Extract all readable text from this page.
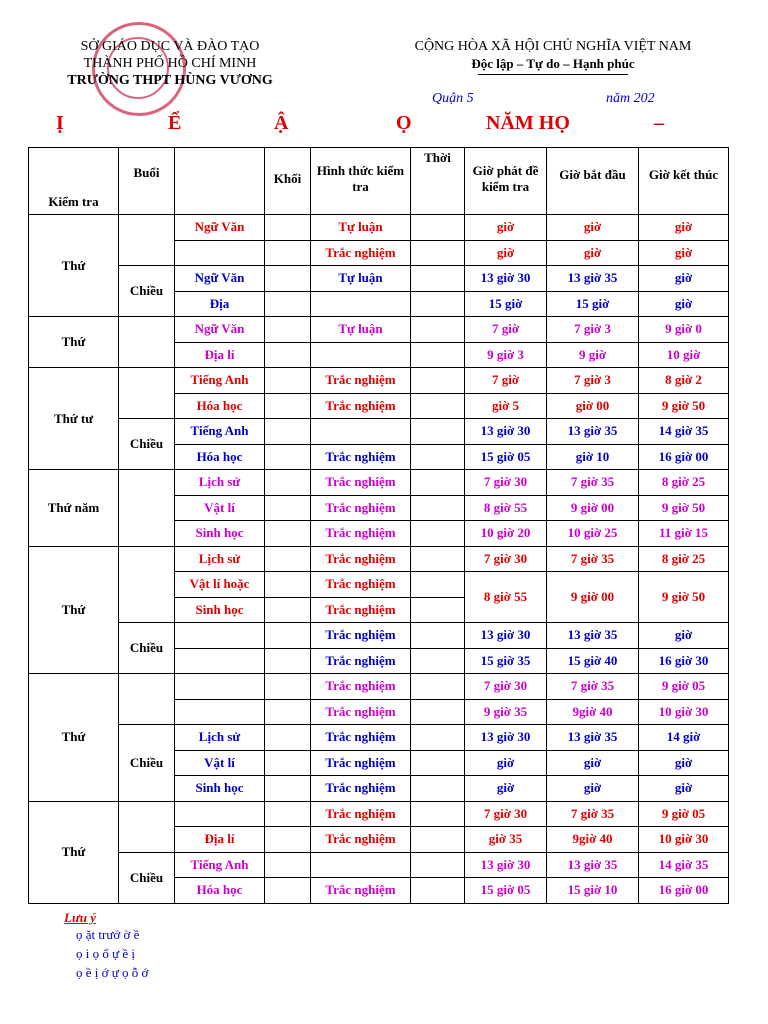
SỞ GIÁO DỤC VÀ ĐÀO TẠO
THÀNH PHỐ HỒ CHÍ MINH
TRƯỜNG THPT HÙNG VƯƠNG
CỘNG HÒA XÃ HỘI CHỦ NGHĨA VIỆT NAM
Độc lập – Tự do – Hạnh phúc
Quận 5	năm 202
Ị	Ể	Ậ	Ọ	NĂM HỌ	–
Kiểm tra	Buổi		Khối	Hình thức kiểm tra	Thời	Giờ phát đề kiểm tra	Giờ bắt đầu	Giờ kết thúc
Thứ		Ngữ Văn		Tự luận		giờ	giờ	giờ
				Trắc nghiệm		giờ	giờ	giờ
	Chiều	Ngữ Văn		Tự luận		13 giờ 30	13 giờ 35	giờ
		Địa				15 giờ	15 giờ	giờ
Thứ		Ngữ Văn		Tự luận		7 giờ	7 giờ 3	9 giờ 0
		Địa lí				9 giờ 3	9 giờ	10 giờ
Thứ tư		Tiếng Anh		Trắc nghiệm		7 giờ	7 giờ 3	8 giờ 2
		Hóa học		Trắc nghiệm		giờ 5	giờ 00	9 giờ 50
	Chiều	Tiếng Anh				13 giờ 30	13 giờ 35	14 giờ 35
		Hóa học		Trắc nghiệm		15 giờ 05	giờ 10	16 giờ 00
Thứ năm		Lịch sử		Trắc nghiệm		7 giờ 30	7 giờ 35	8 giờ 25
		Vật lí		Trắc nghiệm		8 giờ 55	9 giờ 00	9 giờ 50
		Sinh học		Trắc nghiệm		10 giờ 20	10 giờ 25	11 giờ 15
Thứ		Lịch sử		Trắc nghiệm		7 giờ 30	7 giờ 35	8 giờ 25
		Vật lí hoặc		Trắc nghiệm		8 giờ 55	9 giờ 00	9 giờ 50
		Sinh học		Trắc nghiệm				
	Chiều			Trắc nghiệm		13 giờ 30	13 giờ 35	giờ
				Trắc nghiệm		15 giờ 35	15 giờ 40	16 giờ 30
Thứ				Trắc nghiệm		7 giờ 30	7 giờ 35	9 giờ 05
				Trắc nghiệm		9 giờ 35	9giờ 40	10 giờ 30
	Chiều	Lịch sử		Trắc nghiệm		13 giờ 30	13 giờ 35	14 giờ
		Vật lí		Trắc nghiệm		giờ	giờ	giờ
		Sinh học		Trắc nghiệm		giờ	giờ	giờ
Thứ				Trắc nghiệm		7 giờ 30	7 giờ 35	9 giờ 05
		Địa lí		Trắc nghiệm		giờ 35	9giờ 40	10 giờ 30
	Chiều	Tiếng Anh				13 giờ 30	13 giờ 35	14 giờ 35
		Hóa học		Trắc nghiệm		15 giờ 05	15 giờ 10	16 giờ 00
Lưu ý
ọ ặt trướ ờ ề
ọ i ọ ổ ự ề ị
ọ ề ị ớ ự ọ ỗ ớ
